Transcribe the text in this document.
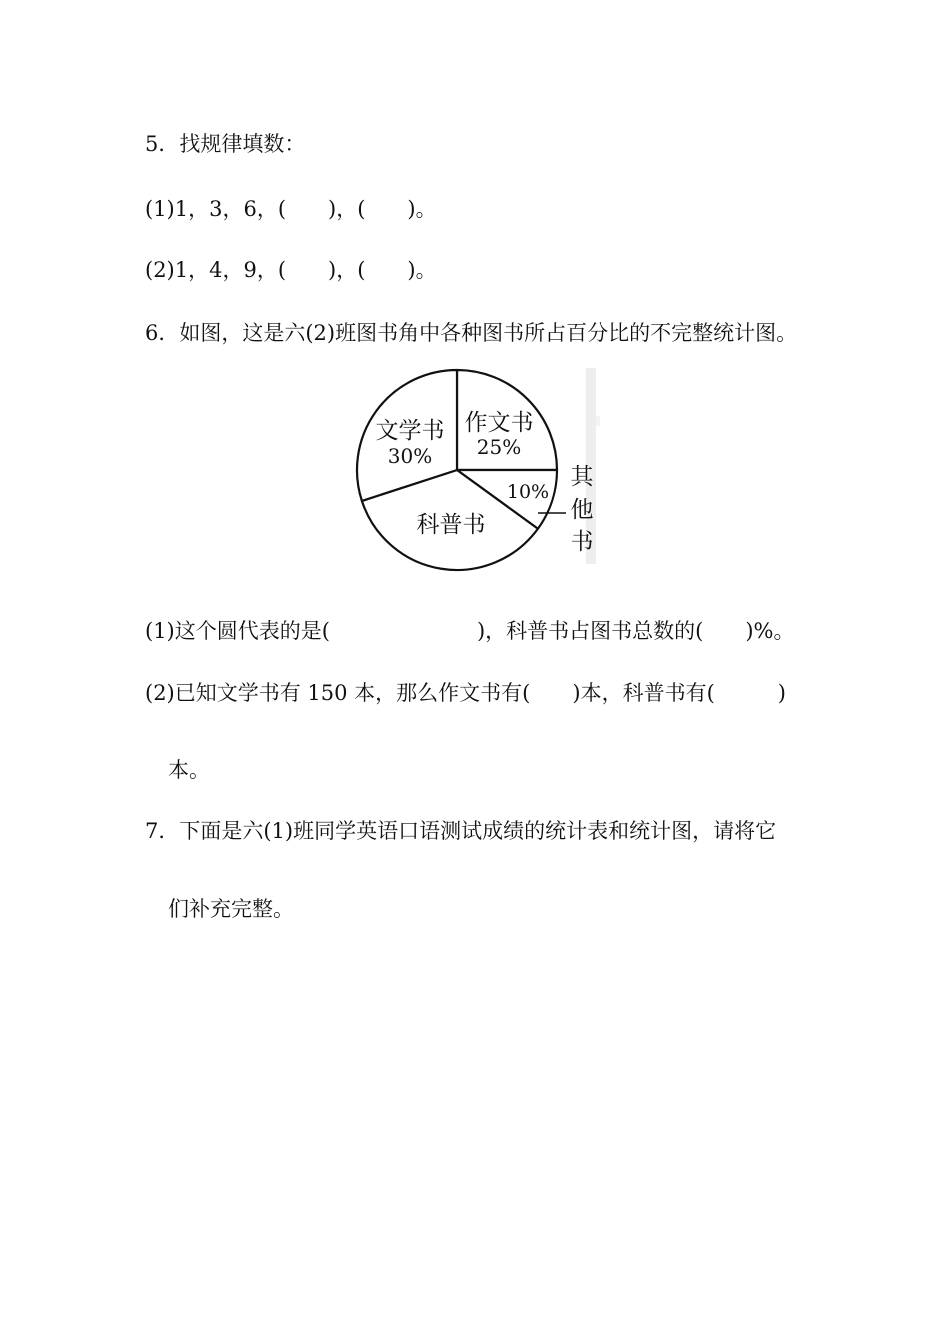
5．找规律填数：
(1)1，3，6，(　　)，(　　)。
(2)1，4，9，(　　)，(　　)。
6．如图，这是六(2)班图书角中各种图书所占百分比的不完整统计图。
作文书
25%
文学书
30%
科普书
10%
其
他
书
(1)这个圆代表的是(　　　　　　　)，科普书占图书总数的(　　)%。
(2)已知文学书有 150 本，那么作文书有(　　)本，科普书有(　　　)
本。
7．下面是六(1)班同学英语口语测试成绩的统计表和统计图，请将它
们补充完整。
